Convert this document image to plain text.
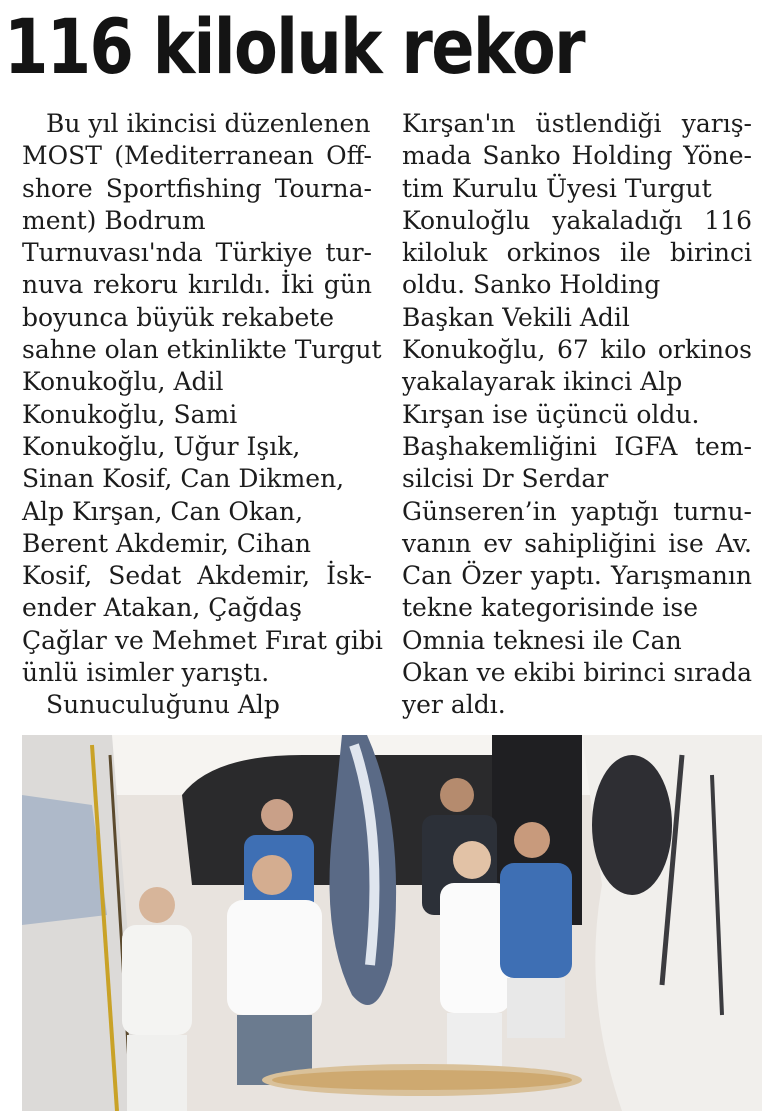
116 kiloluk rekor
Bu yıl ikincisi düzenlenen
MOST (Mediterranean Off-
shore Sportfishing Tourna-
ment) Bodrum
Turnuvası'nda Türkiye tur-
nuva rekoru kırıldı. İki gün
boyunca büyük rekabete
sahne olan etkinlikte Turgut
Konukoğlu, Adil
Konukoğlu, Sami
Konukoğlu, Uğur Işık,
Sinan Kosif, Can Dikmen,
Alp Kırşan, Can Okan,
Berent Akdemir, Cihan
Kosif, Sedat Akdemir, İsk-
ender Atakan, Çağdaş
Çağlar ve Mehmet Fırat gibi
ünlü isimler yarıştı.
Sunuculuğunu Alp
Kırşan'ın üstlendiği yarış-
mada Sanko Holding Yöne-
tim Kurulu Üyesi Turgut
Konuloğlu yakaladığı 116
kiloluk orkinos ile birinci
oldu. Sanko Holding
Başkan Vekili Adil
Konukoğlu, 67 kilo orkinos
yakalayarak ikinci Alp
Kırşan ise üçüncü oldu.
Başhakemliğini IGFA tem-
silcisi Dr Serdar
Günseren’in yaptığı turnu-
vanın ev sahipliğini ise Av.
Can Özer yaptı. Yarışmanın
tekne kategorisinde ise
Omnia teknesi ile Can
Okan ve ekibi birinci sırada
yer aldı.
